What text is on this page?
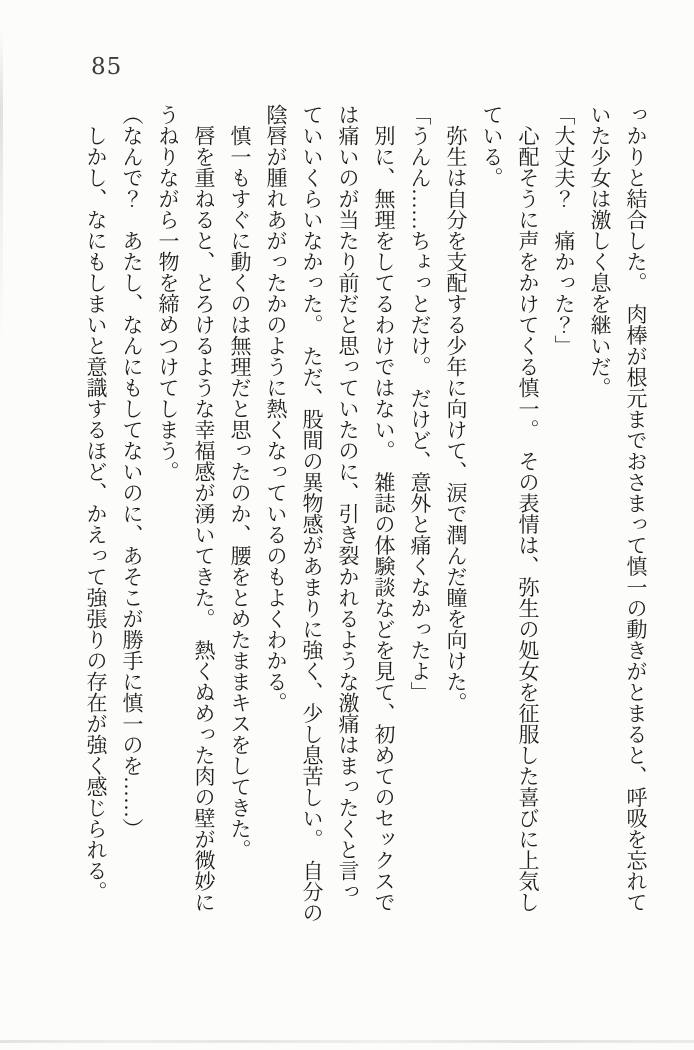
85

っかりと結合した。　肉棒が根元までおさまって慎一の動きがとまると、呼吸を忘れて

いた少女は激しく息を継いだ。

「大丈夫？　痛かった？」

　心配そうに声をかけてくる慎一。　その表情は、弥生の処女を征服した喜びに上気し

ている。

　弥生は自分を支配する少年に向けて、涙で潤んだ瞳を向けた。

「うんん……ちょっとだけ。　だけど、意外と痛くなかったよ」

　別に、無理をしてるわけではない。　雑誌の体験談などを見て、初めてのセックスで

は痛いのが当たり前だと思っていたのに、引き裂かれるような激痛はまったくと言っ

ていいくらいなかった。　ただ、股間の異物感があまりに強く、少し息苦しい。　自分の

陰唇が腫れあがったかのように熱くなっているのもよくわかる。

　慎一もすぐに動くのは無理だと思ったのか、腰をとめたままキスをしてきた。

　唇を重ねると、とろけるような幸福感が湧いてきた。　熱くぬめった肉の壁が微妙に

うねりながら一物を締めつけてしまう。

（なんで？　あたし、なんにもしてないのに、あそこが勝手に慎一のを……）

　しかし、なにもしまいと意識するほど、かえって強張りの存在が強く感じられる。
